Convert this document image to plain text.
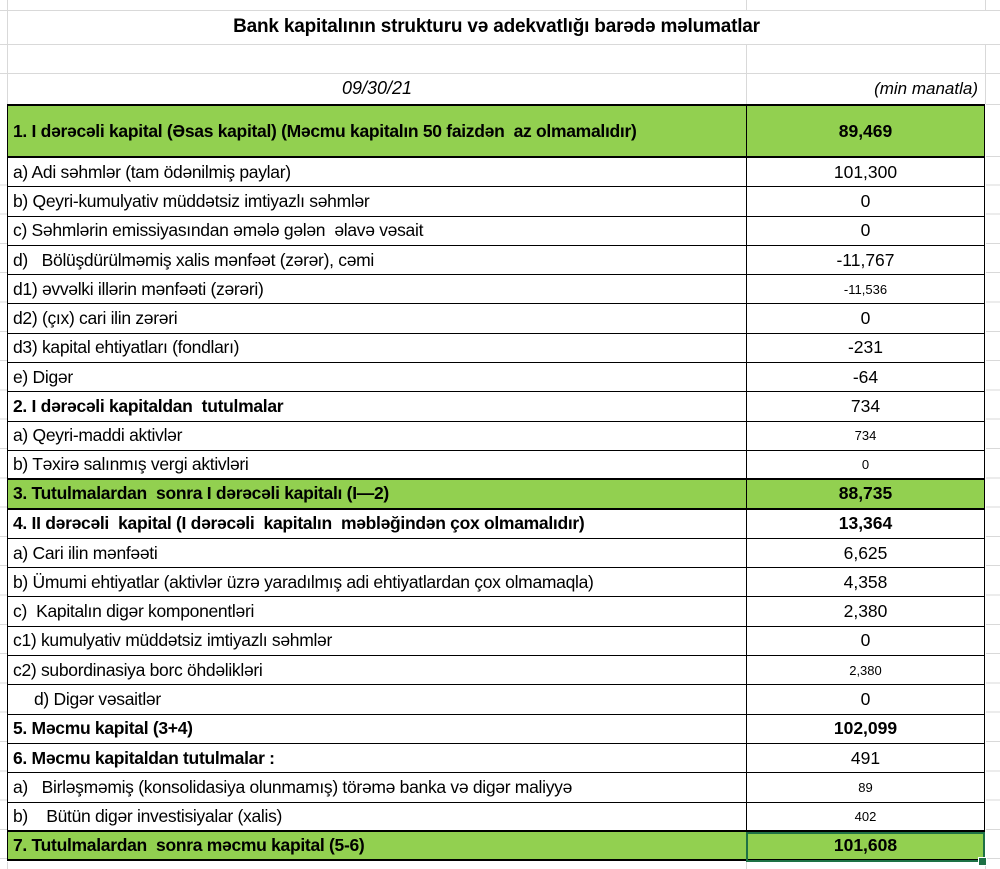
Bank kapitalının strukturu və adekvatlığı barədə məlumatlar
09/30/21	(min manatla)
1. I dərəcəli kapital (Əsas kapital) (Məcmu kapitalın 50 faizdən  az olmamalıdır)	89,469
a) Adi səhmlər (tam ödənilmiş paylar)	101,300
b) Qeyri-kumulyativ müddətsiz imtiyazlı səhmlər	0
c) Səhmlərin emissiyasından əmələ gələn  əlavə vəsait	0
d)   Bölüşdürülməmiş xalis mənfəət (zərər), cəmi	-11,767
d1) əvvəlki illərin mənfəəti (zərəri)	-11,536
d2) (çıx) cari ilin zərəri	0
d3) kapital ehtiyatları (fondları)	-231
e) Digər	-64
2. I dərəcəli kapitaldan  tutulmalar	734
a) Qeyri-maddi aktivlər	734
b) Təxirə salınmış vergi aktivləri	0
3. Tutulmalardan  sonra I dərəcəli kapitalı (I—2)	88,735
4. II dərəcəli  kapital (I dərəcəli  kapitalın  məbləğindən çox olmamalıdır)	13,364
a) Cari ilin mənfəəti	6,625
b) Ümumi ehtiyatlar (aktivlər üzrə yaradılmış adi ehtiyatlardan çox olmamaqla)	4,358
c)  Kapitalın digər komponentləri	2,380
c1) kumulyativ müddətsiz imtiyazlı səhmlər	0
c2) subordinasiya borc öhdəlikləri	2,380
d) Digər vəsaitlər	0
5. Məcmu kapital (3+4)	102,099
6. Məcmu kapitaldan tutulmalar :	491
a)   Birləşməmiş (konsolidasiya olunmamış) törəmə banka və digər maliyyə	89
b)    Bütün digər investisiyalar (xalis)	402
7. Tutulmalardan  sonra məcmu kapital (5-6)	101,608
